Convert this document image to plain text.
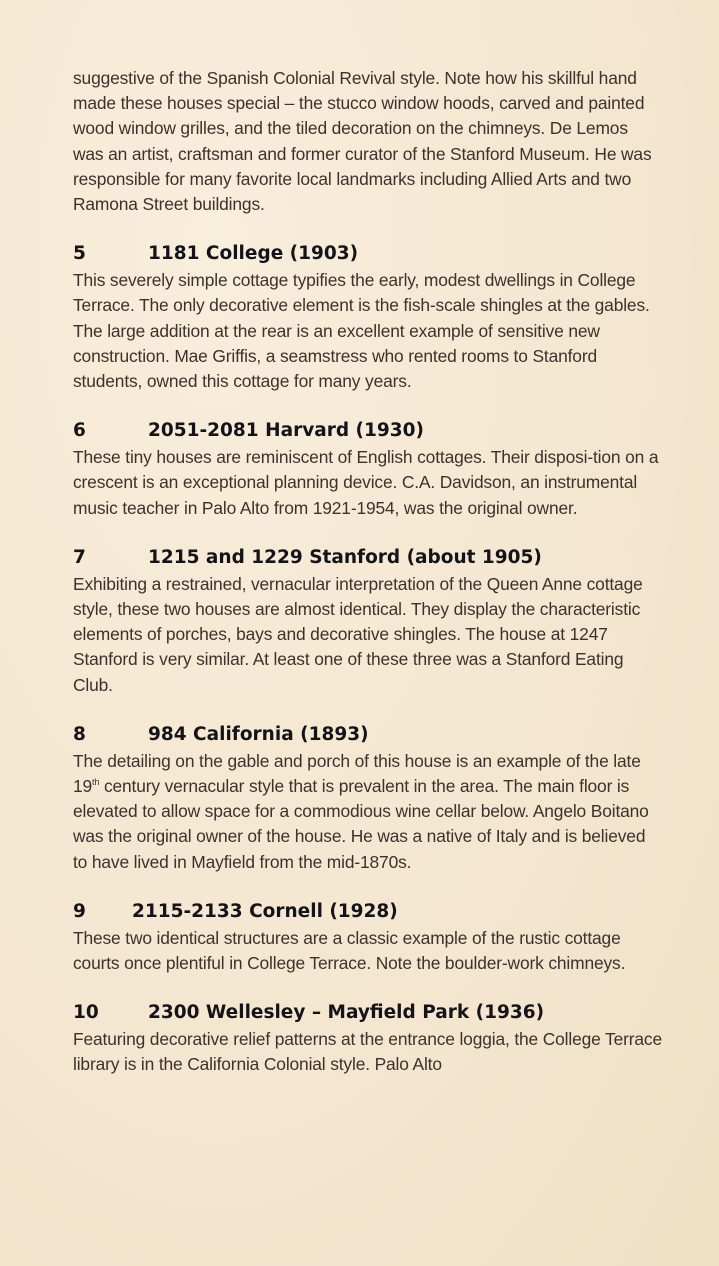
suggestive of the Spanish Colonial Revival style. Note how his skillful hand made these houses special – the stucco window hoods, carved and painted wood window grilles, and the tiled decoration on the chimneys. De Lemos was an artist, craftsman and former curator of the Stanford Museum. He was responsible for many favorite local landmarks including Allied Arts and two Ramona Street buildings.

5	1181 College (1903)

This severely simple cottage typifies the early, modest dwellings in College Terrace. The only decorative element is the fish-scale shingles at the gables. The large addition at the rear is an excellent example of sensitive new construction. Mae Griffis, a seamstress who rented rooms to Stanford students, owned this cottage for many years.

6	2051-2081 Harvard (1930)

These tiny houses are reminiscent of English cottages. Their disposi-tion on a crescent is an exceptional planning device. C.A. Davidson, an instrumental music teacher in Palo Alto from 1921-1954, was the original owner.

7	1215 and 1229 Stanford (about 1905)

Exhibiting a restrained, vernacular interpretation of the Queen Anne cottage style, these two houses are almost identical. They display the characteristic elements of porches, bays and decorative shingles. The house at 1247 Stanford is very similar. At least one of these three was a Stanford Eating Club.

8	984 California (1893)

The detailing on the gable and porch of this house is an example of the late 19th century vernacular style that is prevalent in the area. The main floor is elevated to allow space for a commodious wine cellar below. Angelo Boitano was the original owner of the house. He was a native of Italy and is believed to have lived in Mayfield from the mid-1870s.

9	2115-2133 Cornell (1928)

These two identical structures are a classic example of the rustic cottage courts once plentiful in College Terrace. Note the boulder-work chimneys.

10	2300 Wellesley – Mayfield Park (1936)

Featuring decorative relief patterns at the entrance loggia, the College Terrace library is in the California Colonial style. Palo Alto
